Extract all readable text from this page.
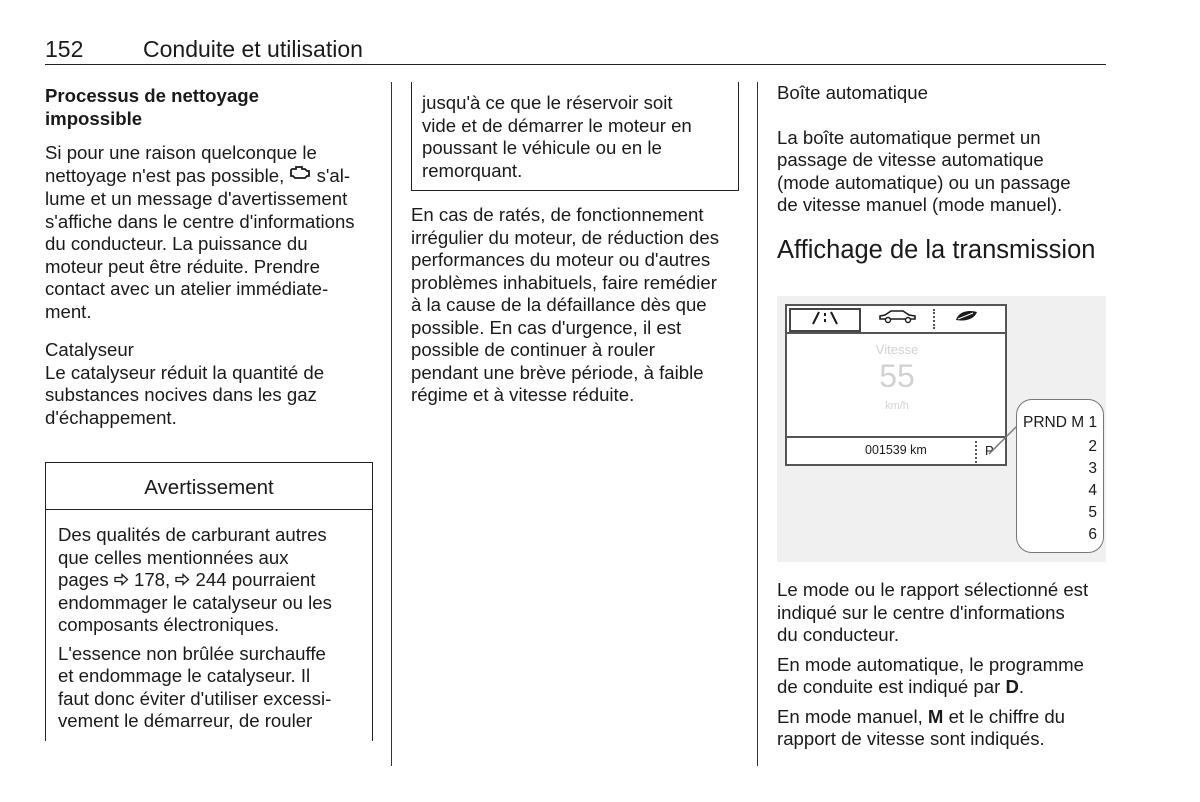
152	Conduite et utilisation

Processus de nettoyage

impossible

Si pour une raison quelconque le

nettoyage n'est pas possible,  s'al-

lume et un message d'avertissement

s'affiche dans le centre d'informations

du conducteur. La puissance du

moteur peut être réduite. Prendre

contact avec un atelier immédiate-

ment.

Catalyseur

Le catalyseur réduit la quantité de

substances nocives dans les gaz

d'échappement.

Avertissement

Des qualités de carburant autres

que celles mentionnées aux

pages  178,  244 pourraient

endommager le catalyseur ou les

composants électroniques.

L'essence non brûlée surchauffe

et endommage le catalyseur. Il

faut donc éviter d'utiliser excessi-

vement le démarreur, de rouler

jusqu'à ce que le réservoir soit

vide et de démarrer le moteur en

poussant le véhicule ou en le

remorquant.

En cas de ratés, de fonctionnement

irrégulier du moteur, de réduction des

performances du moteur ou d'autres

problèmes inhabituels, faire remédier

à la cause de la défaillance dès que

possible. En cas d'urgence, il est

possible de continuer à rouler

pendant une brève période, à faible

régime et à vitesse réduite.

Boîte automatique

La boîte automatique permet un

passage de vitesse automatique

(mode automatique) ou un passage

de vitesse manuel (mode manuel).

Affichage de la transmission

Vitesse
55
km/h
001539 km	P
PRND M 1
2
3
4
5
6

Le mode ou le rapport sélectionné est

indiqué sur le centre d'informations

du conducteur.

En mode automatique, le programme

de conduite est indiqué par D.

En mode manuel, M et le chiffre du

rapport de vitesse sont indiqués.
